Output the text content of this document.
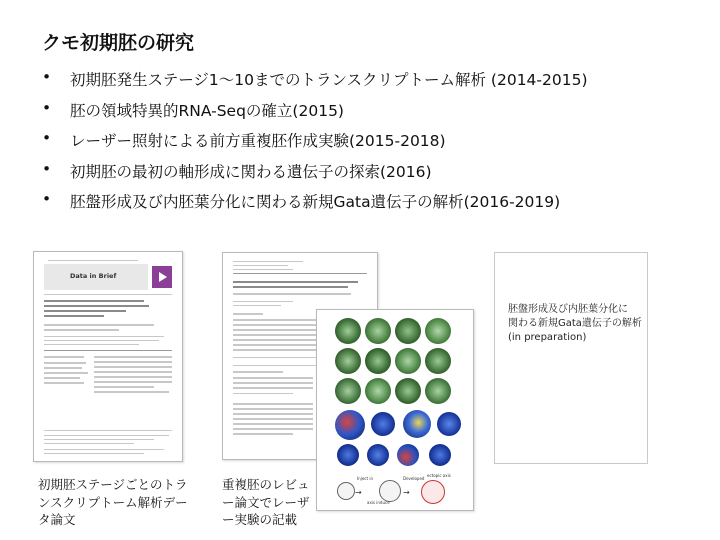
クモ初期胚の研究
• 初期胚発生ステージ1〜10までのトランスクリプトーム解析 (2014-2015)
• 胚の領域特異的RNA-Seqの確立(2015)
• レーザー照射による前方重複胚作成実験(2015-2018)
• 初期胚の最初の軸形成に関わる遺伝子の探索(2016)
• 胚盤形成及び内胚葉分化に関わる新規Gata遺伝子の解析(2016-2019)
Data in Brief
Inject in	Developed
axis induce
ectopic axis
→	→
胚盤形成及び内胚葉分化に
関わる新規Gata遺伝子の解析
(in preparation)
初期胚ステージごとのトランスクリプトーム解析データ論文
重複胚のレビュー論文でレーザー実験の記載
